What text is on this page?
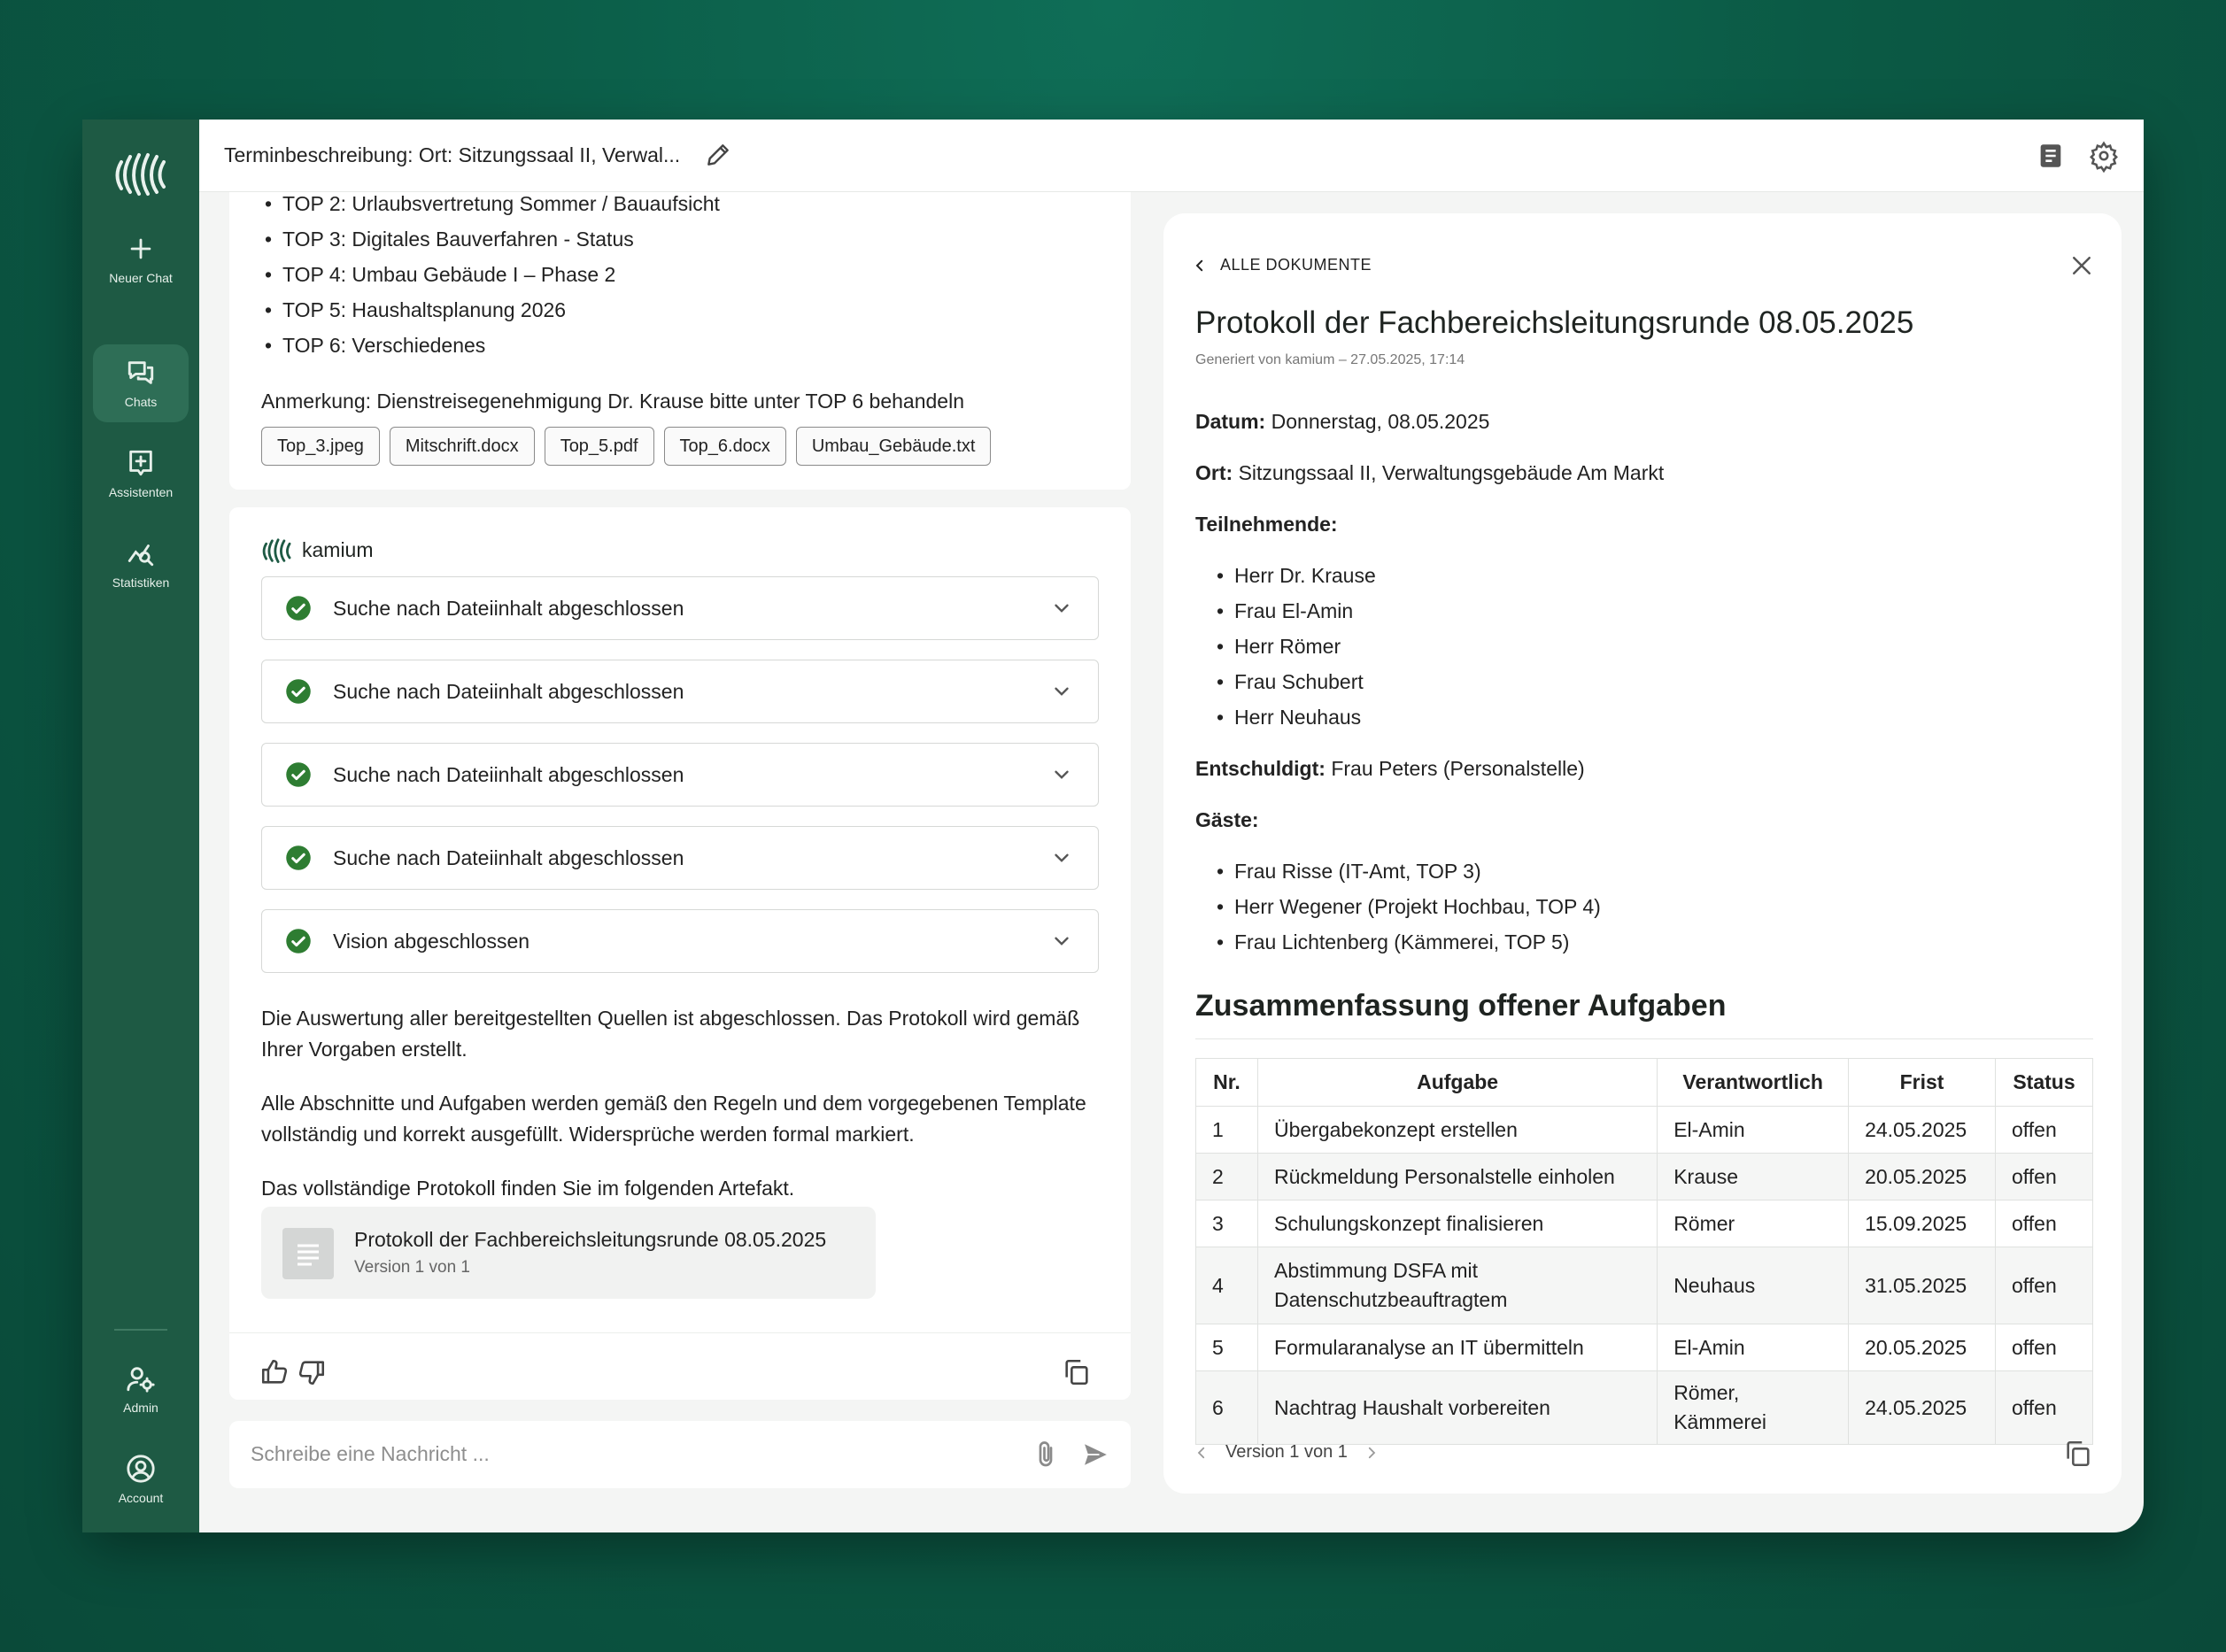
Neuer Chat
Chats
Assistenten
Statistiken
Admin
Account
Terminbeschreibung: Ort: Sitzungssaal II, Verwal...
• TOP 2: Urlaubsvertretung Sommer / Bauaufsicht
• TOP 3: Digitales Bauverfahren - Status
• TOP 4: Umbau Gebäude I – Phase 2
• TOP 5: Haushaltsplanung 2026
• TOP 6: Verschiedenes
Anmerkung: Dienstreisegenehmigung Dr. Krause bitte unter TOP 6 behandeln
Top_3.jpeg	Mitschrift.docx	Top_5.pdf	Top_6.docx	Umbau_Gebäude.txt
kamium
Suche nach Dateiinhalt abgeschlossen
Suche nach Dateiinhalt abgeschlossen
Suche nach Dateiinhalt abgeschlossen
Suche nach Dateiinhalt abgeschlossen
Vision abgeschlossen
Die Auswertung aller bereitgestellten Quellen ist abgeschlossen. Das Protokoll wird gemäß Ihrer Vorgaben erstellt.
Alle Abschnitte und Aufgaben werden gemäß den Regeln und dem vorgegebenen Template vollständig und korrekt ausgefüllt. Widersprüche werden formal markiert.
Das vollständige Protokoll finden Sie im folgenden Artefakt.
Protokoll der Fachbereichsleitungsrunde 08.05.2025
Version 1 von 1
Schreibe eine Nachricht ...
ALLE DOKUMENTE
Protokoll der Fachbereichsleitungsrunde 08.05.2025
Generiert von kamium – 27.05.2025, 17:14
Datum: Donnerstag, 08.05.2025
Ort: Sitzungssaal II, Verwaltungsgebäude Am Markt
Teilnehmende:
• Herr Dr. Krause
• Frau El-Amin
• Herr Römer
• Frau Schubert
• Herr Neuhaus
Entschuldigt: Frau Peters (Personalstelle)
Gäste:
• Frau Risse (IT-Amt, TOP 3)
• Herr Wegener (Projekt Hochbau, TOP 4)
• Frau Lichtenberg (Kämmerei, TOP 5)
Zusammenfassung offener Aufgaben
Nr.	Aufgabe	Verantwortlich	Frist	Status
1	Übergabekonzept erstellen	El-Amin	24.05.2025	offen
2	Rückmeldung Personalstelle einholen	Krause	20.05.2025	offen
3	Schulungskonzept finalisieren	Römer	15.09.2025	offen
4	Abstimmung DSFA mit Datenschutzbeauftragtem	Neuhaus	31.05.2025	offen
5	Formularanalyse an IT übermitteln	El-Amin	20.05.2025	offen
6	Nachtrag Haushalt vorbereiten	Römer, Kämmerei	24.05.2025	offen
Version 1 von 1
